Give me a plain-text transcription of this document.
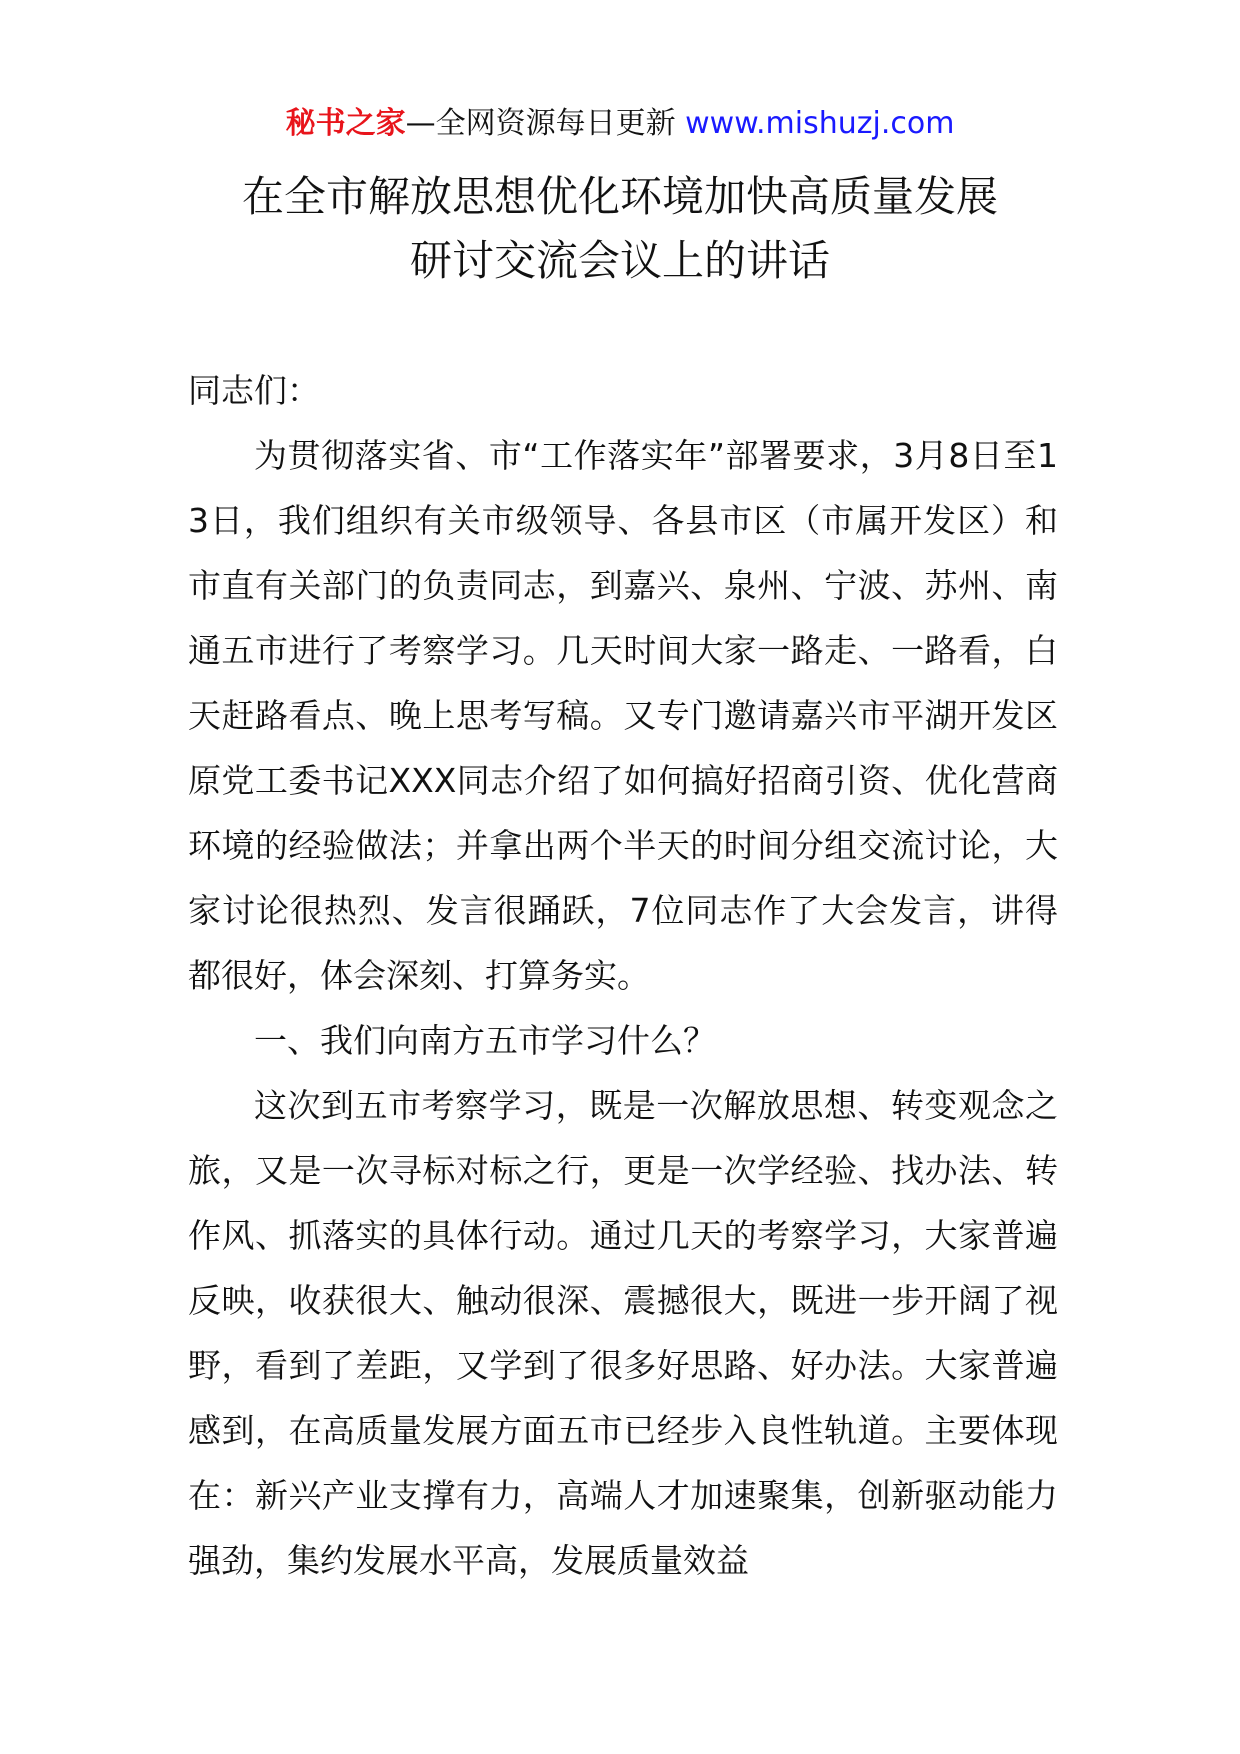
秘书之家—全网资源每日更新 www.mishuzj.com
在全市解放思想优化环境加快高质量发展
研讨交流会议上的讲话

同志们：

为贯彻落实省、市“工作落实年”部署要求，3月8日至13日，我们组织有关市级领导、各县市区（市属开发区）和市直有关部门的负责同志，到嘉兴、泉州、宁波、苏州、南通五市进行了考察学习。几天时间大家一路走、一路看，白天赶路看点、晚上思考写稿。又专门邀请嘉兴市平湖开发区原党工委书记XXX同志介绍了如何搞好招商引资、优化营商环境的经验做法；并拿出两个半天的时间分组交流讨论，大家讨论很热烈、发言很踊跃，7位同志作了大会发言，讲得都很好，体会深刻、打算务实。

一、我们向南方五市学习什么？

这次到五市考察学习，既是一次解放思想、转变观念之旅，又是一次寻标对标之行，更是一次学经验、找办法、转作风、抓落实的具体行动。通过几天的考察学习，大家普遍反映，收获很大、触动很深、震撼很大，既进一步开阔了视野，看到了差距，又学到了很多好思路、好办法。大家普遍感到，在高质量发展方面五市已经步入良性轨道。主要体现在：新兴产业支撑有力，高端人才加速聚集，创新驱动能力强劲，集约发展水平高，发展质量效益
